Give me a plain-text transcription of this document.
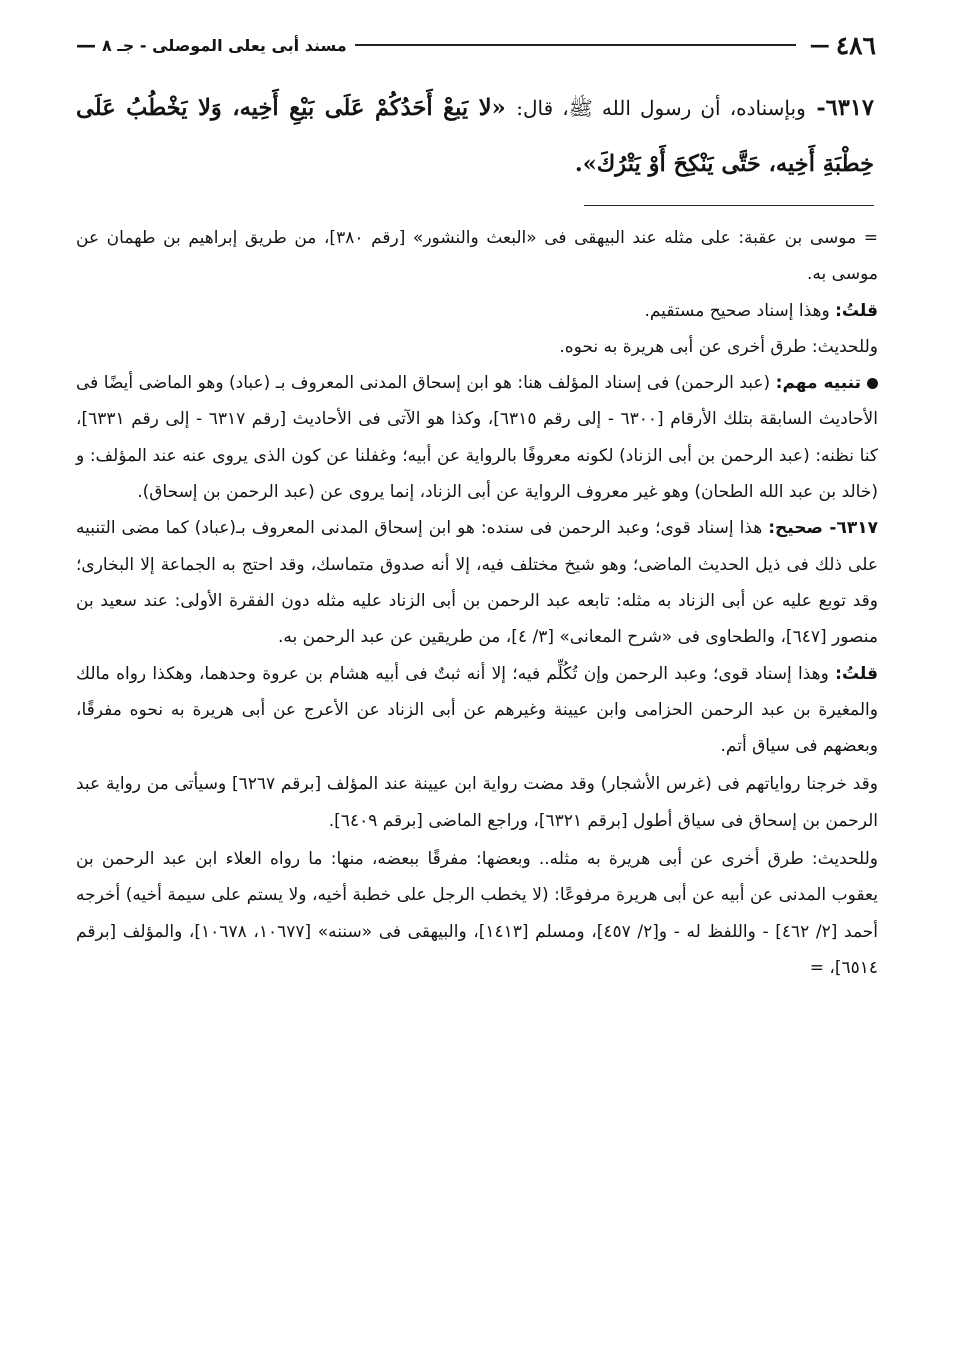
٤٨٦
—
مسند أبى يعلى الموصلى - جـ ٨
—
٦٣١٧- وبإسناده، أن رسول الله ﷺ، قال: «لا يَبعْ أَحَدُكُمْ عَلَى بَيْعِ أَخِيه، وَلا يَخْطُبُ عَلَى خِطْبَةِ أَخِيه، حَتَّى يَنْكِحَ أَوْ يَتْرُكَ».

= موسى بن عقبة: على مثله عند البيهقى فى «البعث والنشور» [رقم ٣٨٠]، من طريق إبراهيم بن طهمان عن موسى به.

قلتُ: وهذا إسناد صحيح مستقيم.

وللحديث: طرق أخرى عن أبى هريرة به نحوه.

تنبيه مهم: (عبد الرحمن) فى إسناد المؤلف هنا: هو ابن إسحاق المدنى المعروف بـ (عباد) وهو الماضى أيضًا فى الأحاديث السابقة بتلك الأرقام [٦٣٠٠ - إلى رقم ٦٣١٥]، وكذا هو الآتى فى الأحاديث [رقم ٦٣١٧ - إلى رقم ٦٣٣١]، كنا نظنه: (عبد الرحمن بن أبى الزناد) لكونه معروفًا بالرواية عن أبيه؛ وغفلنا عن كون الذى يروى عنه عند المؤلف: و (خالد بن عبد الله الطحان) وهو غير معروف الرواية عن أبى الزناد، إنما يروى عن (عبد الرحمن بن إسحاق).

٦٣١٧- صحيح: هذا إسناد قوى؛ وعبد الرحمن فى سنده: هو ابن إسحاق المدنى المعروف بـ(عباد) كما مضى التنبيه على ذلك فى ذيل الحديث الماضى؛ وهو شيخ مختلف فيه، إلا أنه صدوق متماسك، وقد احتج به الجماعة إلا البخارى؛ وقد توبع عليه عن أبى الزناد به مثله: تابعه عبد الرحمن بن أبى الزناد عليه مثله دون الفقرة الأولى: عند سعيد بن منصور [٦٤٧]، والطحاوى فى «شرح المعانى» [٣/ ٤]، من طريقين عن عبد الرحمن به.

قلتُ: وهذا إسناد قوى؛ وعبد الرحمن وإن تُكُلِّم فيه؛ إلا أنه ثبتٌ فى أبيه هشام بن عروة وحدهما، وهكذا رواه مالك والمغيرة بن عبد الرحمن الحزامى وابن عيينة وغيرهم عن أبى الزناد عن الأعرج عن أبى هريرة به نحوه مفرقًا، وبعضهم فى سياق أتم.

وقد خرجنا رواياتهم فى (غرس الأشجار) وقد مضت رواية ابن عيينة عند المؤلف [برقم ٦٢٦٧] وسيأتى من رواية عبد الرحمن بن إسحاق فى سياق أطول [برقم ٦٣٢١]، وراجع الماضى [برقم ٦٤٠٩].

وللحديث: طرق أخرى عن أبى هريرة به مثله.. وبعضها: مفرقًا ببعضه، منها: ما رواه العلاء ابن عبد الرحمن بن يعقوب المدنى عن أبيه عن أبى هريرة مرفوعًا: (لا يخطب الرجل على خطبة أخيه، ولا يستم على سيمة أخيه) أخرجه أحمد [٢/ ٤٦٢] - واللفظ له - و[٢/ ٤٥٧]، ومسلم [١٤١٣]، والبيهقى فى «سننه» [١٠٦٧٧، ١٠٦٧٨]، والمؤلف [برقم ٦٥١٤]، =
